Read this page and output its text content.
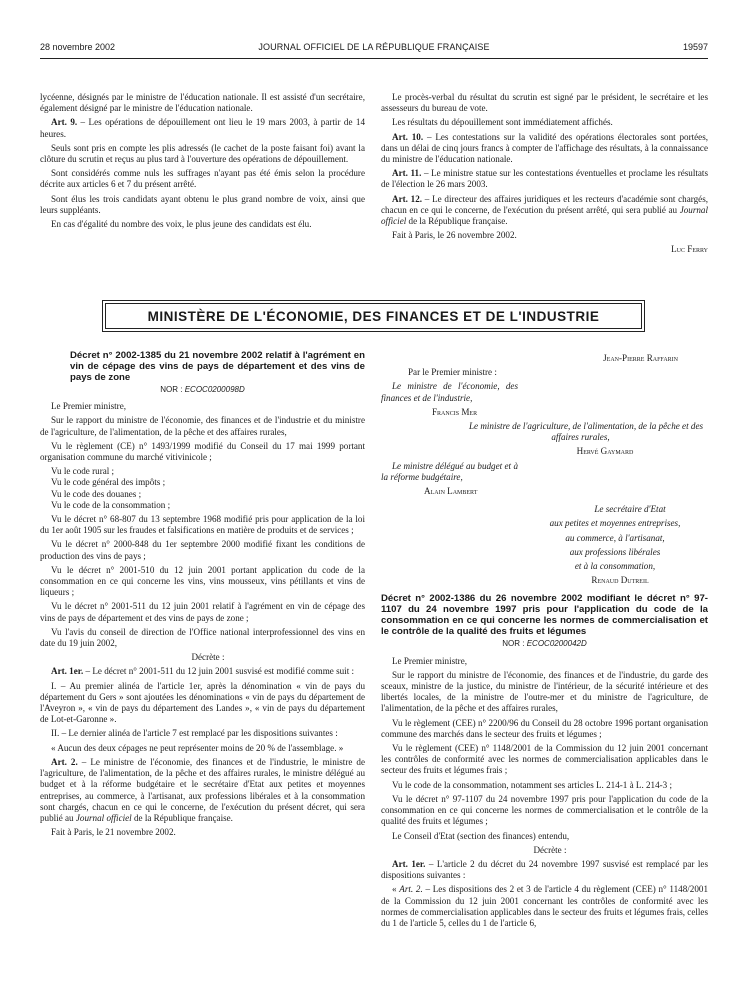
28 novembre 2002	JOURNAL OFFICIEL DE LA RÉPUBLIQUE FRANÇAISE	19597

lycéenne, désignés par le ministre de l'éducation nationale. Il est assisté d'un secrétaire, également désigné par le ministre de l'éducation nationale.

Art. 9. – Les opérations de dépouillement ont lieu le 19 mars 2003, à partir de 14 heures.

Seuls sont pris en compte les plis adressés (le cachet de la poste faisant foi) avant la clôture du scrutin et reçus au plus tard à l'ouverture des opérations de dépouillement.

Sont considérés comme nuls les suffrages n'ayant pas été émis selon la procédure décrite aux articles 6 et 7 du présent arrêté.

Sont élus les trois candidats ayant obtenu le plus grand nombre de voix, ainsi que leurs suppléants.

En cas d'égalité du nombre des voix, le plus jeune des candidats est élu.

Le procès-verbal du résultat du scrutin est signé par le président, le secrétaire et les assesseurs du bureau de vote.

Les résultats du dépouillement sont immédiatement affichés.

Art. 10. – Les contestations sur la validité des opérations électorales sont portées, dans un délai de cinq jours francs à compter de l'affichage des résultats, à la connaissance du ministre de l'éducation nationale.

Art. 11. – Le ministre statue sur les contestations éventuelles et proclame les résultats de l'élection le 26 mars 2003.

Art. 12. – Le directeur des affaires juridiques et les recteurs d'académie sont chargés, chacun en ce qui le concerne, de l'exécution du présent arrêté, qui sera publié au Journal officiel de la République française.

Fait à Paris, le 26 novembre 2002.

Luc Ferry

MINISTÈRE DE L'ÉCONOMIE, DES FINANCES ET DE L'INDUSTRIE
Décret n° 2002-1385 du 21 novembre 2002 relatif à l'agrément en vin de cépage des vins de pays de département et des vins de pays de zone
NOR : ECOC0200098D

Le Premier ministre,

Sur le rapport du ministre de l'économie, des finances et de l'industrie et du ministre de l'agriculture, de l'alimentation, de la pêche et des affaires rurales,

Vu le règlement (CE) n° 1493/1999 modifié du Conseil du 17 mai 1999 portant organisation commune du marché vitivinicole ;

Vu le code rural ;

Vu le code général des impôts ;

Vu le code des douanes ;

Vu le code de la consommation ;

Vu le décret n° 68-807 du 13 septembre 1968 modifié pris pour application de la loi du 1er août 1905 sur les fraudes et falsifications en matière de produits et de services ;

Vu le décret n° 2000-848 du 1er septembre 2000 modifié fixant les conditions de production des vins de pays ;

Vu le décret n° 2001-510 du 12 juin 2001 portant application du code de la consommation en ce qui concerne les vins, vins mousseux, vins pétillants et vins de liqueurs ;

Vu le décret n° 2001-511 du 12 juin 2001 relatif à l'agrément en vin de cépage des vins de pays de département et des vins de pays de zone ;

Vu l'avis du conseil de direction de l'Office national interprofessionnel des vins en date du 19 juin 2002,

Décrète :

Art. 1er. – Le décret n° 2001-511 du 12 juin 2001 susvisé est modifié comme suit :

I. – Au premier alinéa de l'article 1er, après la dénomination « vin de pays du département du Gers » sont ajoutées les dénominations « vin de pays du département de l'Aveyron », « vin de pays du département des Landes », « vin de pays du département de Lot-et-Garonne ».

II. – Le dernier alinéa de l'article 7 est remplacé par les dispositions suivantes :

« Aucun des deux cépages ne peut représenter moins de 20 % de l'assemblage. »

Art. 2. – Le ministre de l'économie, des finances et de l'industrie, le ministre de l'agriculture, de l'alimentation, de la pêche et des affaires rurales, le ministre délégué au budget et à la réforme budgétaire et le secrétaire d'Etat aux petites et moyennes entreprises, au commerce, à l'artisanat, aux professions libérales et à la consommation sont chargés, chacun en ce qui le concerne, de l'exécution du présent décret, qui sera publié au Journal officiel de la République française.

Fait à Paris, le 21 novembre 2002.

Jean-Pierre Raffarin

Par le Premier ministre :

Le ministre de l'économie, des finances et de l'industrie,

Francis Mer

Le ministre de l'agriculture, de l'alimentation, de la pêche et des affaires rurales,

Hervé Gaymard

Le ministre délégué au budget et à la réforme budgétaire,

Alain Lambert

Le secrétaire d'Etat

aux petites et moyennes entreprises,

au commerce, à l'artisanat,

aux professions libérales

et à la consommation,

Renaud Dutreil

Décret n° 2002-1386 du 26 novembre 2002 modifiant le décret n° 97-1107 du 24 novembre 1997 pris pour l'application du code de la consommation en ce qui concerne les normes de commercialisation et le contrôle de la qualité des fruits et légumes
NOR : ECOC0200042D

Le Premier ministre,

Sur le rapport du ministre de l'économie, des finances et de l'industrie, du garde des sceaux, ministre de la justice, du ministre de l'intérieur, de la sécurité intérieure et des libertés locales, de la ministre de l'outre-mer et du ministre de l'agriculture, de l'alimentation, de la pêche et des affaires rurales,

Vu le règlement (CEE) n° 2200/96 du Conseil du 28 octobre 1996 portant organisation commune des marchés dans le secteur des fruits et légumes ;

Vu le règlement (CEE) n° 1148/2001 de la Commission du 12 juin 2001 concernant les contrôles de conformité avec les normes de commercialisation applicables dans le secteur des fruits et légumes frais ;

Vu le code de la consommation, notamment ses articles L. 214-1 à L. 214-3 ;

Vu le décret n° 97-1107 du 24 novembre 1997 pris pour l'application du code de la consommation en ce qui concerne les normes de commercialisation et le contrôle de la qualité des fruits et légumes ;

Le Conseil d'Etat (section des finances) entendu,

Décrète :

Art. 1er. – L'article 2 du décret du 24 novembre 1997 susvisé est remplacé par les dispositions suivantes :

« Art. 2. – Les dispositions des 2 et 3 de l'article 4 du règlement (CEE) n° 1148/2001 de la Commission du 12 juin 2001 concernant les contrôles de conformité avec les normes de commercialisation applicables dans le secteur des fruits et légumes frais, celles du 1 de l'article 5, celles du 1 de l'article 6,
